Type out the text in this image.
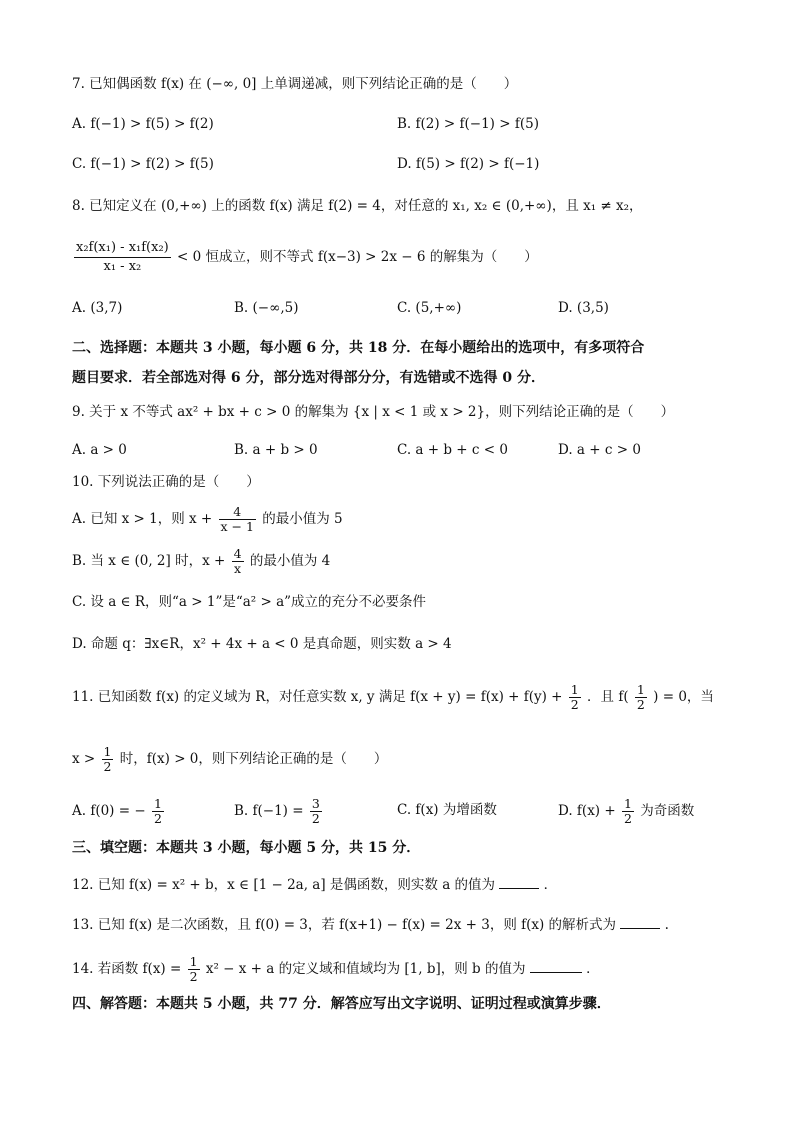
7. 已知偶函数 f(x) 在 (−∞, 0] 上单调递减，则下列结论正确的是（　　）
A. f(−1) > f(5) > f(2)	B. f(2) > f(−1) > f(5)
C. f(−1) > f(2) > f(5)	D. f(5) > f(2) > f(−1)
8. 已知定义在 (0,+∞) 上的函数 f(x) 满足 f(2) = 4，对任意的 x₁, x₂ ∈ (0,+∞)，且 x₁ ≠ x₂，
$\frac{\text{x₂f(x₁) - x₁f(x₂)}}{\text{x₁ - x₂}} < 0$ 恒成立，则不等式 f(x−3) > 2x − 6 的解集为（　　）
A. (3,7)	B. (−∞,5)	C. (5,+∞)	D. (3,5)
二、选择题：本题共 3 小题，每小题 6 分，共 18 分．在每小题给出的选项中，有多项符合
题目要求．若全部选对得 6 分，部分选对得部分分，有选错或不选得 0 分．
9. 关于 x 不等式 ax² + bx + c > 0 的解集为 {x | x < 1 或 x > 2}，则下列结论正确的是（　　）
A. a > 0	B. a + b > 0	C. a + b + c < 0	D. a + c > 0
10. 下列说法正确的是（　　）
A. 已知 x > 1，则 $x + \frac{4}{x - 1}$ 的最小值为 5
B. 当 x ∈ (0, 2] 时，$x + \frac{4}{x}$ 的最小值为 4
C. 设 a ∈ R，则“a > 1”是“a² > a”成立的充分不必要条件
D. 命题 q：∃x∈R，x² + 4x + a < 0 是真命题，则实数 a > 4
11. 已知函数 f(x) 的定义域为 R，对任意实数 x, y 满足 $f(x + y) = f(x) + f(y) + \frac{1}{2}$ ．且 $f( \frac{1}{2}$ ) = 0，当
$x > \frac{1}{2}$ 时，f(x) > 0，则下列结论正确的是（　　）
A. f(0) = − $\frac{1}{2}$	B. $f(-1) = \frac{3}{2}$	C. f(x) 为增函数	D. $f(x) + \frac{1}{2}$ 为奇函数
三、填空题：本题共 3 小题，每小题 5 分，共 15 分．
12. 已知 f(x) = x² + b，x ∈ [1 − 2a, a] 是偶函数，则实数 a 的值为	．
13. 已知 f(x) 是二次函数，且 f(0) = 3，若 f(x+1) − f(x) = 2x + 3，则 f(x) 的解析式为	.
14. 若函数 $f(x) = \frac{1}{2} x^2 - x + a$ 的定义域和值域均为 [1, b]，则 b 的值为	．
四、解答题：本题共 5 小题，共 77 分．解答应写出文字说明、证明过程或演算步骤．
